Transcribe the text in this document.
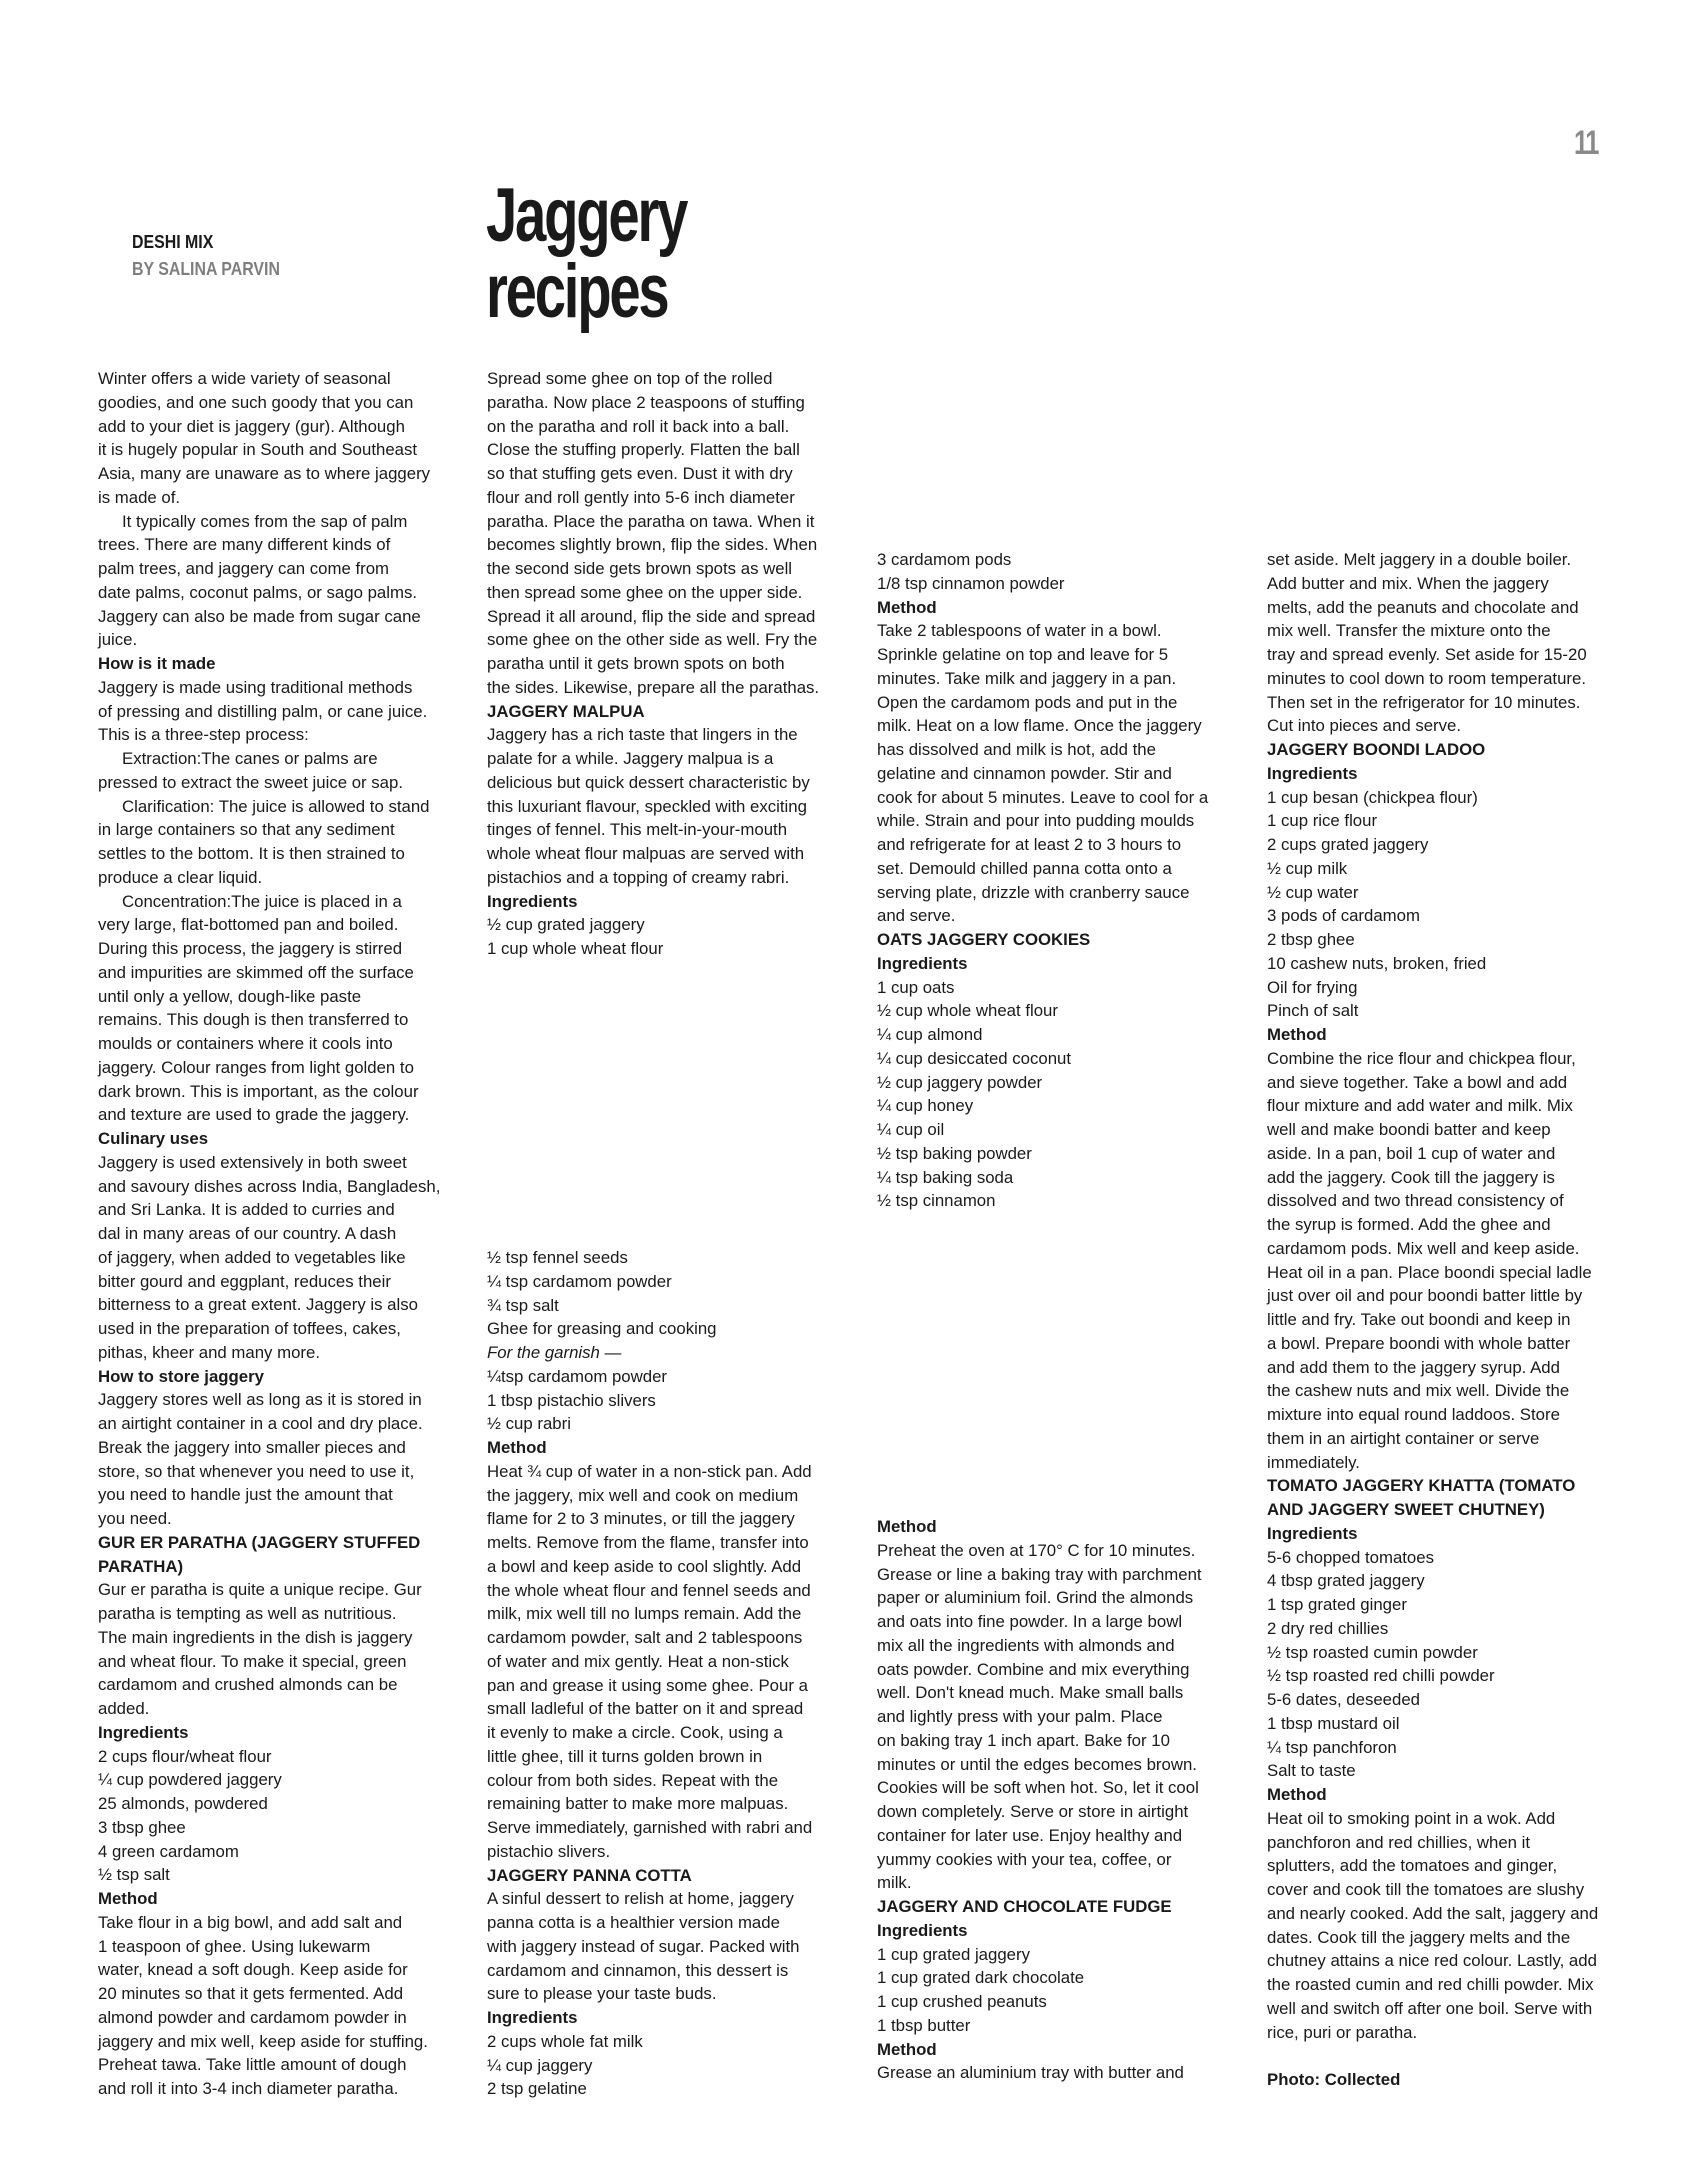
11
DESHI MIX
BY SALINA PARVIN
Jaggery
recipes
Winter offers a wide variety of seasonal
goodies, and one such goody that you can
add to your diet is jaggery (gur). Although
it is hugely popular in South and Southeast
Asia, many are unaware as to where jaggery
is made of.
It typically comes from the sap of palm
trees. There are many different kinds of
palm trees, and jaggery can come from
date palms, coconut palms, or sago palms.
Jaggery can also be made from sugar cane
juice.
How is it made
Jaggery is made using traditional methods
of pressing and distilling palm, or cane juice.
This is a three-step process:
Extraction:The canes or palms are
pressed to extract the sweet juice or sap.
Clarification: The juice is allowed to stand
in large containers so that any sediment
settles to the bottom. It is then strained to
produce a clear liquid.
Concentration:The juice is placed in a
very large, flat-bottomed pan and boiled.
During this process, the jaggery is stirred
and impurities are skimmed off the surface
until only a yellow, dough-like paste
remains. This dough is then transferred to
moulds or containers where it cools into
jaggery. Colour ranges from light golden to
dark brown. This is important, as the colour
and texture are used to grade the jaggery.
Culinary uses
Jaggery is used extensively in both sweet
and savoury dishes across India, Bangladesh,
and Sri Lanka. It is added to curries and
dal in many areas of our country. A dash
of jaggery, when added to vegetables like
bitter gourd and eggplant, reduces their
bitterness to a great extent. Jaggery is also
used in the preparation of toffees, cakes,
pithas, kheer and many more.
How to store jaggery
Jaggery stores well as long as it is stored in
an airtight container in a cool and dry place.
Break the jaggery into smaller pieces and
store, so that whenever you need to use it,
you need to handle just the amount that
you need.
GUR ER PARATHA (JAGGERY STUFFED
PARATHA)
Gur er paratha is quite a unique recipe. Gur
paratha is tempting as well as nutritious.
The main ingredients in the dish is jaggery
and wheat flour. To make it special, green
cardamom and crushed almonds can be
added.
Ingredients
2 cups flour/wheat flour
¼ cup powdered jaggery
25 almonds, powdered
3 tbsp ghee
4 green cardamom
½ tsp salt
Method
Take flour in a big bowl, and add salt and
1 teaspoon of ghee. Using lukewarm
water, knead a soft dough. Keep aside for
20 minutes so that it gets fermented. Add
almond powder and cardamom powder in
jaggery and mix well, keep aside for stuffing.
Preheat tawa. Take little amount of dough
and roll it into 3-4 inch diameter paratha.
Spread some ghee on top of the rolled
paratha. Now place 2 teaspoons of stuffing
on the paratha and roll it back into a ball.
Close the stuffing properly. Flatten the ball
so that stuffing gets even. Dust it with dry
flour and roll gently into 5-6 inch diameter
paratha. Place the paratha on tawa. When it
becomes slightly brown, flip the sides. When
the second side gets brown spots as well
then spread some ghee on the upper side.
Spread it all around, flip the side and spread
some ghee on the other side as well. Fry the
paratha until it gets brown spots on both
the sides. Likewise, prepare all the parathas.
JAGGERY MALPUA
Jaggery has a rich taste that lingers in the
palate for a while. Jaggery malpua is a
delicious but quick dessert characteristic by
this luxuriant flavour, speckled with exciting
tinges of fennel. This melt-in-your-mouth
whole wheat flour malpuas are served with
pistachios and a topping of creamy rabri.
Ingredients
½ cup grated jaggery
1 cup whole wheat flour
½ tsp fennel seeds
¼ tsp cardamom powder
¾ tsp salt
Ghee for greasing and cooking
For the garnish —
¼tsp cardamom powder
1 tbsp pistachio slivers
½ cup rabri
Method
Heat ¾ cup of water in a non-stick pan. Add
the jaggery, mix well and cook on medium
flame for 2 to 3 minutes, or till the jaggery
melts. Remove from the flame, transfer into
a bowl and keep aside to cool slightly. Add
the whole wheat flour and fennel seeds and
milk, mix well till no lumps remain. Add the
cardamom powder, salt and 2 tablespoons
of water and mix gently. Heat a non-stick
pan and grease it using some ghee. Pour a
small ladleful of the batter on it and spread
it evenly to make a circle. Cook, using a
little ghee, till it turns golden brown in
colour from both sides. Repeat with the
remaining batter to make more malpuas.
Serve immediately, garnished with rabri and
pistachio slivers.
JAGGERY PANNA COTTA
A sinful dessert to relish at home, jaggery
panna cotta is a healthier version made
with jaggery instead of sugar. Packed with
cardamom and cinnamon, this dessert is
sure to please your taste buds.
Ingredients
2 cups whole fat milk
¼ cup jaggery
2 tsp gelatine
3 cardamom pods
1/8 tsp cinnamon powder
Method
Take 2 tablespoons of water in a bowl.
Sprinkle gelatine on top and leave for 5
minutes. Take milk and jaggery in a pan.
Open the cardamom pods and put in the
milk. Heat on a low flame. Once the jaggery
has dissolved and milk is hot, add the
gelatine and cinnamon powder. Stir and
cook for about 5 minutes. Leave to cool for a
while. Strain and pour into pudding moulds
and refrigerate for at least 2 to 3 hours to
set. Demould chilled panna cotta onto a
serving plate, drizzle with cranberry sauce
and serve.
OATS JAGGERY COOKIES
Ingredients
1 cup oats
½ cup whole wheat flour
¼ cup almond
¼ cup desiccated coconut
½ cup jaggery powder
¼ cup honey
¼ cup oil
½ tsp baking powder
¼ tsp baking soda
½ tsp cinnamon
Method
Preheat the oven at 170° C for 10 minutes.
Grease or line a baking tray with parchment
paper or aluminium foil. Grind the almonds
and oats into fine powder. In a large bowl
mix all the ingredients with almonds and
oats powder. Combine and mix everything
well. Don't knead much. Make small balls
and lightly press with your palm. Place
on baking tray 1 inch apart. Bake for 10
minutes or until the edges becomes brown.
Cookies will be soft when hot. So, let it cool
down completely. Serve or store in airtight
container for later use. Enjoy healthy and
yummy cookies with your tea, coffee, or
milk.
JAGGERY AND CHOCOLATE FUDGE
Ingredients
1 cup grated jaggery
1 cup grated dark chocolate
1 cup crushed peanuts
1 tbsp butter
Method
Grease an aluminium tray with butter and
set aside. Melt jaggery in a double boiler.
Add butter and mix. When the jaggery
melts, add the peanuts and chocolate and
mix well. Transfer the mixture onto the
tray and spread evenly. Set aside for 15-20
minutes to cool down to room temperature.
Then set in the refrigerator for 10 minutes.
Cut into pieces and serve.
JAGGERY BOONDI LADOO
Ingredients
1 cup besan (chickpea flour)
1 cup rice flour
2 cups grated jaggery
½ cup milk
½ cup water
3 pods of cardamom
2 tbsp ghee
10 cashew nuts, broken, fried
Oil for frying
Pinch of salt
Method
Combine the rice flour and chickpea flour,
and sieve together. Take a bowl and add
flour mixture and add water and milk. Mix
well and make boondi batter and keep
aside. In a pan, boil 1 cup of water and
add the jaggery. Cook till the jaggery is
dissolved and two thread consistency of
the syrup is formed. Add the ghee and
cardamom pods. Mix well and keep aside.
Heat oil in a pan. Place boondi special ladle
just over oil and pour boondi batter little by
little and fry. Take out boondi and keep in
a bowl. Prepare boondi with whole batter
and add them to the jaggery syrup. Add
the cashew nuts and mix well. Divide the
mixture into equal round laddoos. Store
them in an airtight container or serve
immediately.
TOMATO JAGGERY KHATTA (TOMATO
AND JAGGERY SWEET CHUTNEY)
Ingredients
5-6 chopped tomatoes
4 tbsp grated jaggery
1 tsp grated ginger
2 dry red chillies
½ tsp roasted cumin powder
½ tsp roasted red chilli powder
5-6 dates, deseeded
1 tbsp mustard oil
¼ tsp panchforon
Salt to taste
Method
Heat oil to smoking point in a wok. Add
panchforon and red chillies, when it
splutters, add the tomatoes and ginger,
cover and cook till the tomatoes are slushy
and nearly cooked. Add the salt, jaggery and
dates. Cook till the jaggery melts and the
chutney attains a nice red colour. Lastly, add
the roasted cumin and red chilli powder. Mix
well and switch off after one boil. Serve with
rice, puri or paratha.
Photo: Collected
